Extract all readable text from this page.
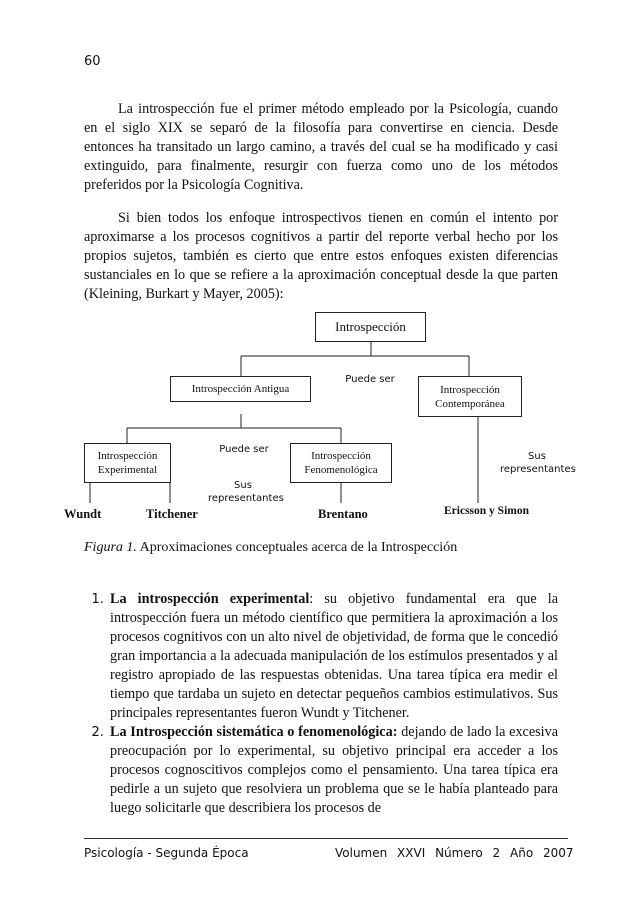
60

La introspección fue el primer método empleado por la Psicología, cuando en el siglo XIX se separó de la filosofía para convertirse en ciencia. Desde entonces ha transitado un largo camino, a través del cual se ha modificado y casi extinguido, para finalmente, resurgir con fuerza como uno de los métodos preferidos por la Psicología Cognitiva.

Si bien todos los enfoque introspectivos tienen en común el intento por aproximarse a los procesos cognitivos a partir del reporte verbal hecho por los propios sujetos, también es cierto que entre estos enfoques existen diferencias sustanciales en lo que se refiere a la aproximación conceptual desde la que parten (Kleining, Burkart y Mayer, 2005):

Introspección
Introspección Antigua	Introspección
Contemporánea
Introspección
Experimental
Introspección
Fenomenológica
Puede ser
Puede ser
Sus
representantes
Sus
representantes
Wundt	Titchener	Brentano	Ericsson y Simon
Figura 1. Aproximaciones conceptuales acerca de la Introspección
1. La introspección experimental: su objetivo fundamental era que la introspección fuera un método científico que permitiera la aproximación a los procesos cognitivos con un alto nivel de objetividad, de forma que le concedió gran importancia a la adecuada manipulación de los estímulos presentados y al registro apropiado de las respuestas obtenidas. Una tarea típica era medir el tiempo que tardaba un sujeto en detectar pequeños cambios estimulativos. Sus principales representantes fueron Wundt y Titchener.
2. La Introspección sistemática o fenomenológica: dejando de lado la excesiva preocupación por lo experimental, su objetivo principal era acceder a los procesos cognoscitivos complejos como el pensamiento. Una tarea típica era pedirle a un sujeto que resolviera un problema que se le había planteado para luego solicitarle que describiera los procesos de
Psicología - Segunda Época	Volumen XXVI Número 2 Año 2007
